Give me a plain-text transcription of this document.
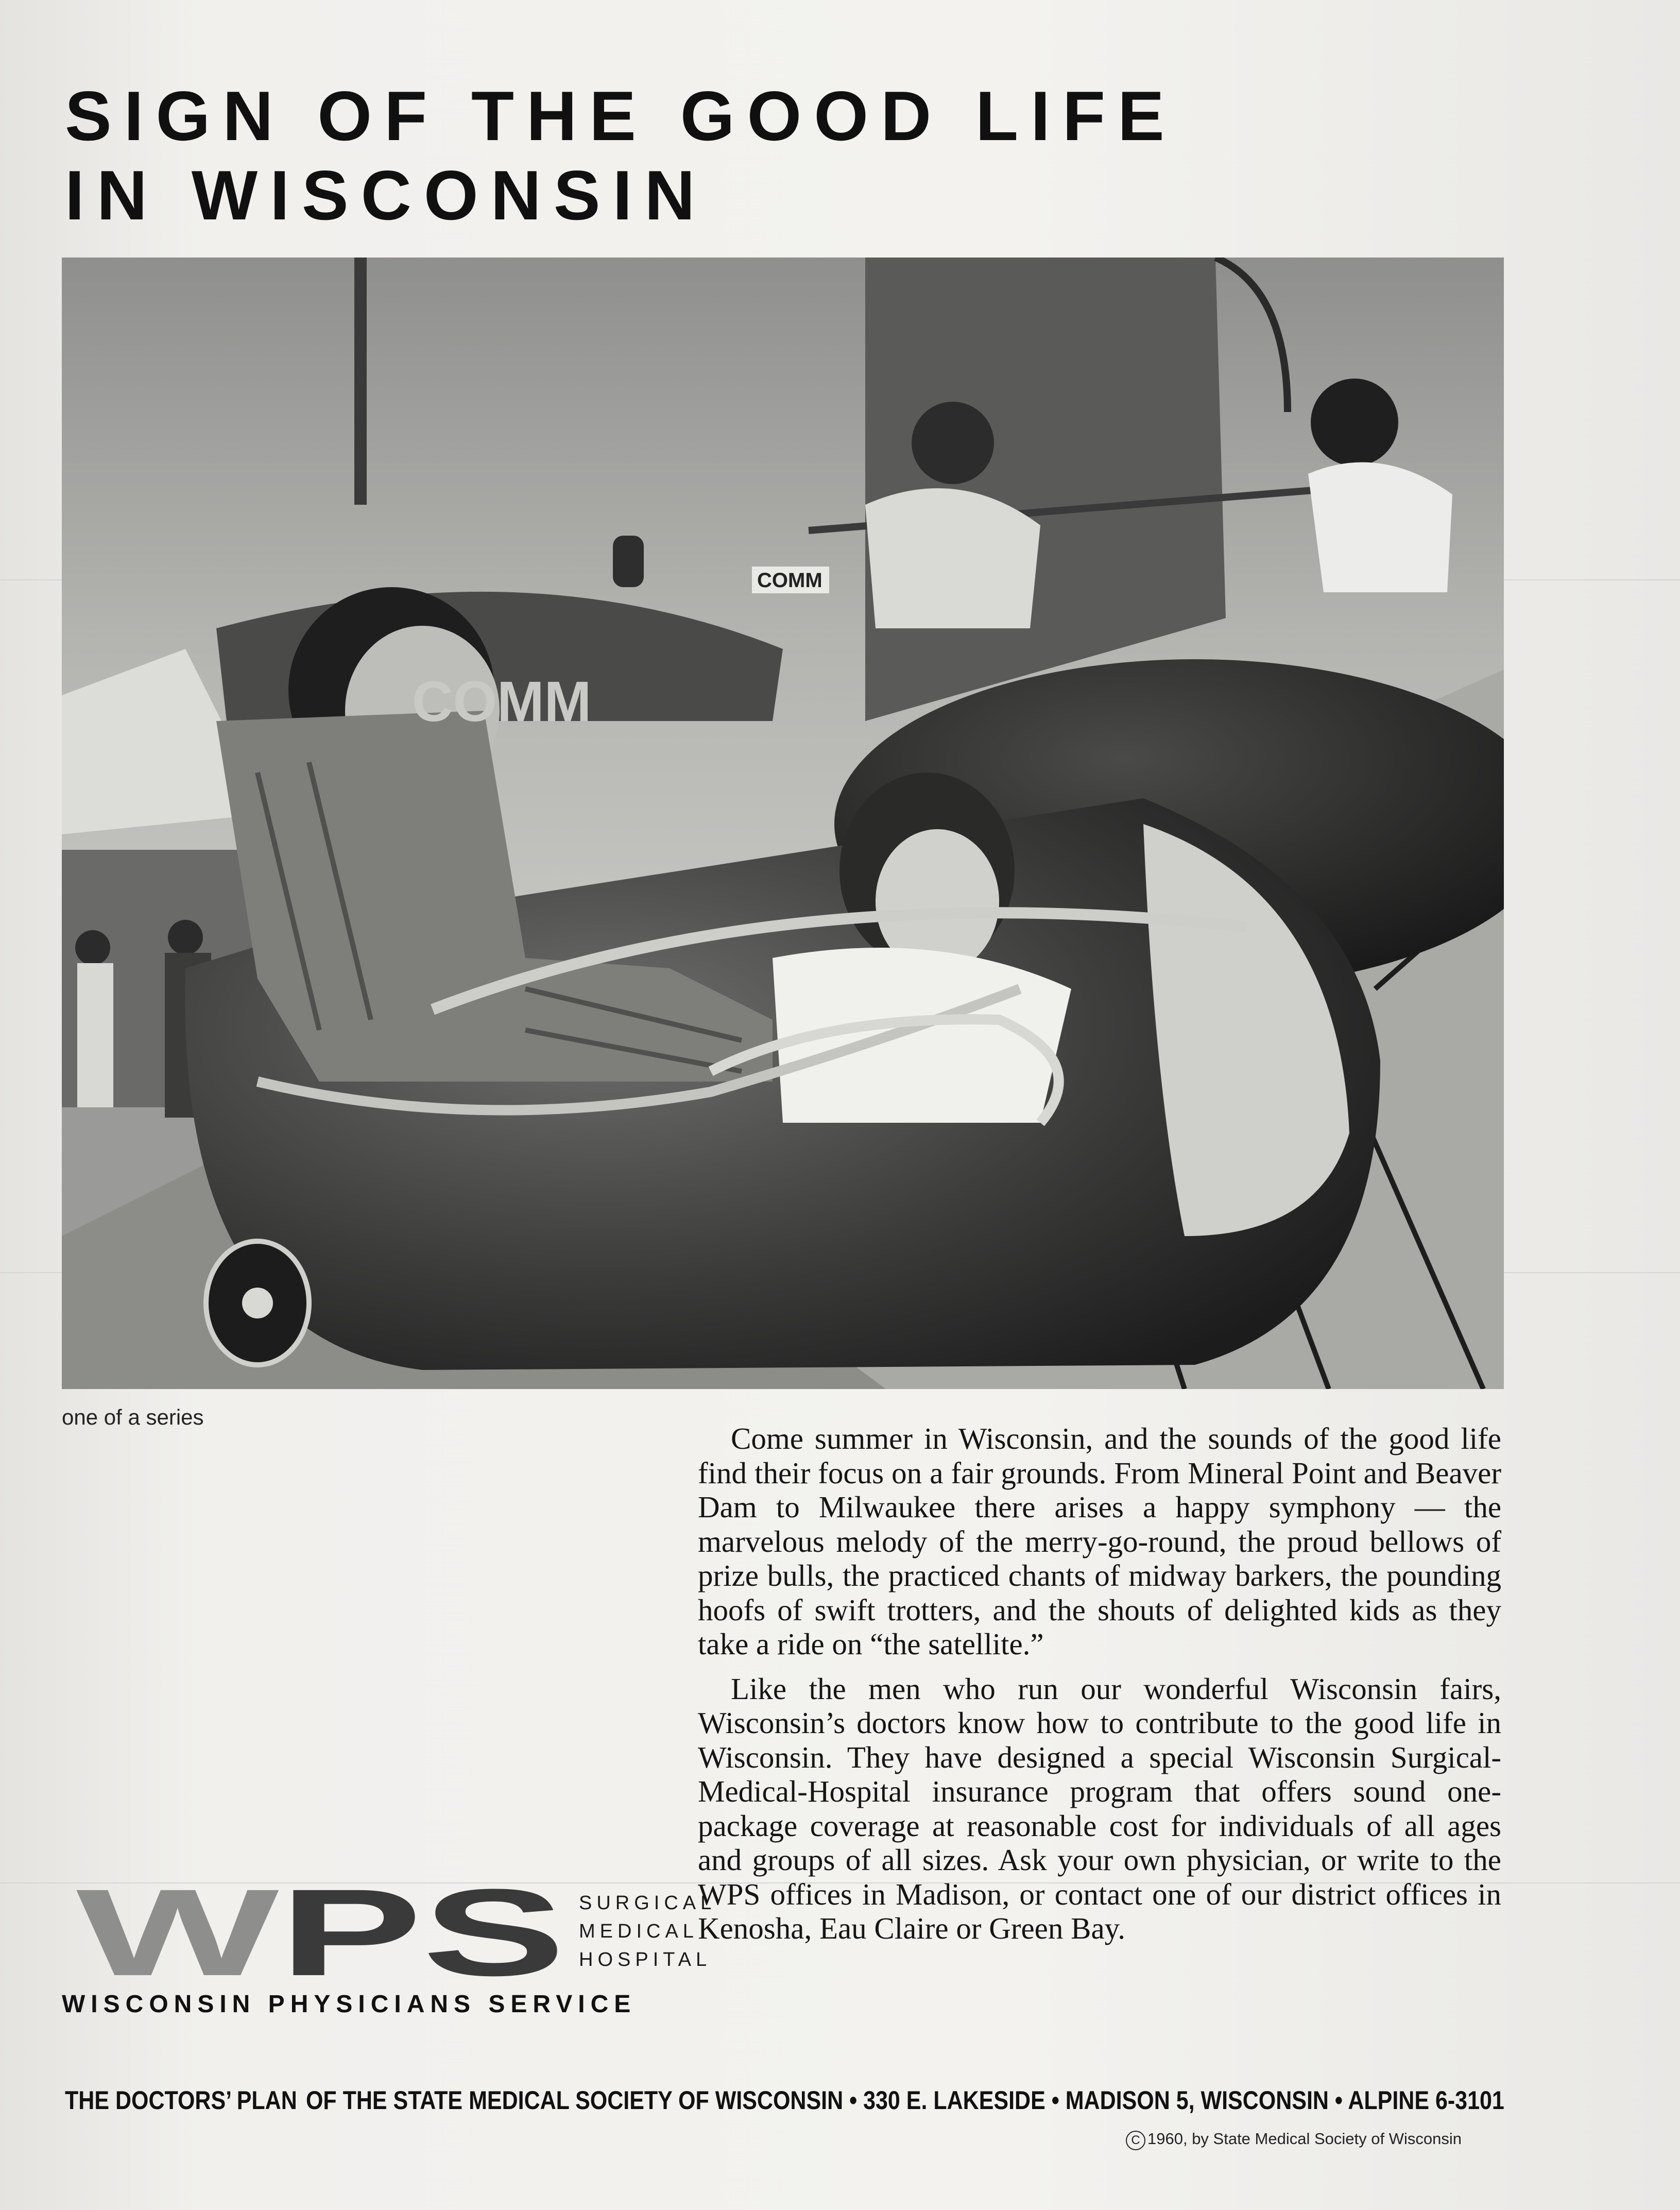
SIGN OF THE GOOD LIFE
IN WISCONSIN
COMM
COMM
one of a series

Come summer in Wisconsin, and the sounds of the good life find their focus on a fair grounds. From Mineral Point and Beaver Dam to Milwaukee there arises a happy symphony — the marvelous melody of the merry-go-round, the proud bellows of prize bulls, the practiced chants of midway barkers, the pounding hoofs of swift trotters, and the shouts of delighted kids as they take a ride on “the satellite.”

Like the men who run our wonderful Wisconsin fairs, Wisconsin’s doctors know how to contribute to the good life in Wisconsin. They have designed a special Wisconsin Surgical-Medical-Hospital insurance program that offers sound one-package coverage at reasonable cost for individuals of all ages and groups of all sizes. Ask your own physician, or write to the WPS offices in Madison, or contact one of our district offices in Kenosha, Eau Claire or Green Bay.

W PS	SURGICAL
MEDICAL
HOSPITAL
WISCONSIN PHYSICIANS SERVICE
THE DOCTORS’ PLAN OF THE STATE MEDICAL SOCIETY OF WISCONSIN • 330 E. LAKESIDE • MADISON 5, WISCONSIN • ALPINE 6-3101
C 1960, by State Medical Society of Wisconsin
